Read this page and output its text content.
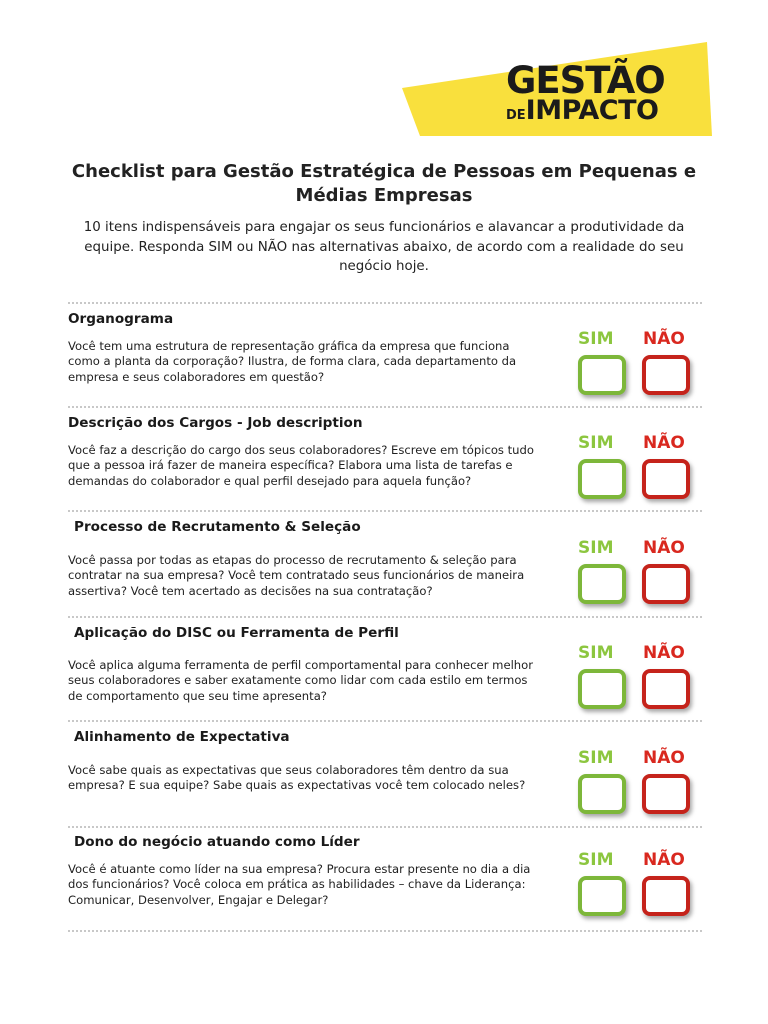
GESTÃO
DEIMPACTO
Checklist para Gestão Estratégica de Pessoas em Pequenas e Médias Empresas
10 itens indispensáveis para engajar os seus funcionários e alavancar a produtividade da equipe. Responda SIM ou NÃO nas alternativas abaixo, de acordo com a realidade do seu negócio hoje.
Organograma
Você tem uma estrutura de representação gráfica da empresa que funciona como a planta da corporação? Ilustra, de forma clara, cada departamento da empresa e seus colaboradores em questão?
SIM NÃO
Descrição dos Cargos - Job description
Você faz a descrição do cargo dos seus colaboradores? Escreve em tópicos tudo que a pessoa irá fazer de maneira específica? Elabora uma lista de tarefas e demandas do colaborador e qual perfil desejado para aquela função?
SIM NÃO
Processo de Recrutamento & Seleção
Você passa por todas as etapas do processo de recrutamento & seleção para contratar na sua empresa? Você tem contratado seus funcionários de maneira assertiva? Você tem acertado as decisões na sua contratação?
SIM NÃO
Aplicação do DISC ou Ferramenta de Perfil
Você aplica alguma ferramenta de perfil comportamental para conhecer melhor seus colaboradores e saber exatamente como lidar com cada estilo em termos de comportamento que seu time apresenta?
SIM NÃO
Alinhamento de Expectativa
Você sabe quais as expectativas que seus colaboradores têm dentro da sua empresa? E sua equipe? Sabe quais as expectativas você tem colocado neles?
SIM NÃO
Dono do negócio atuando como Líder
Você é atuante como líder na sua empresa? Procura estar presente no dia a dia dos funcionários? Você coloca em prática as habilidades – chave da Liderança: Comunicar, Desenvolver, Engajar e Delegar?
SIM NÃO
